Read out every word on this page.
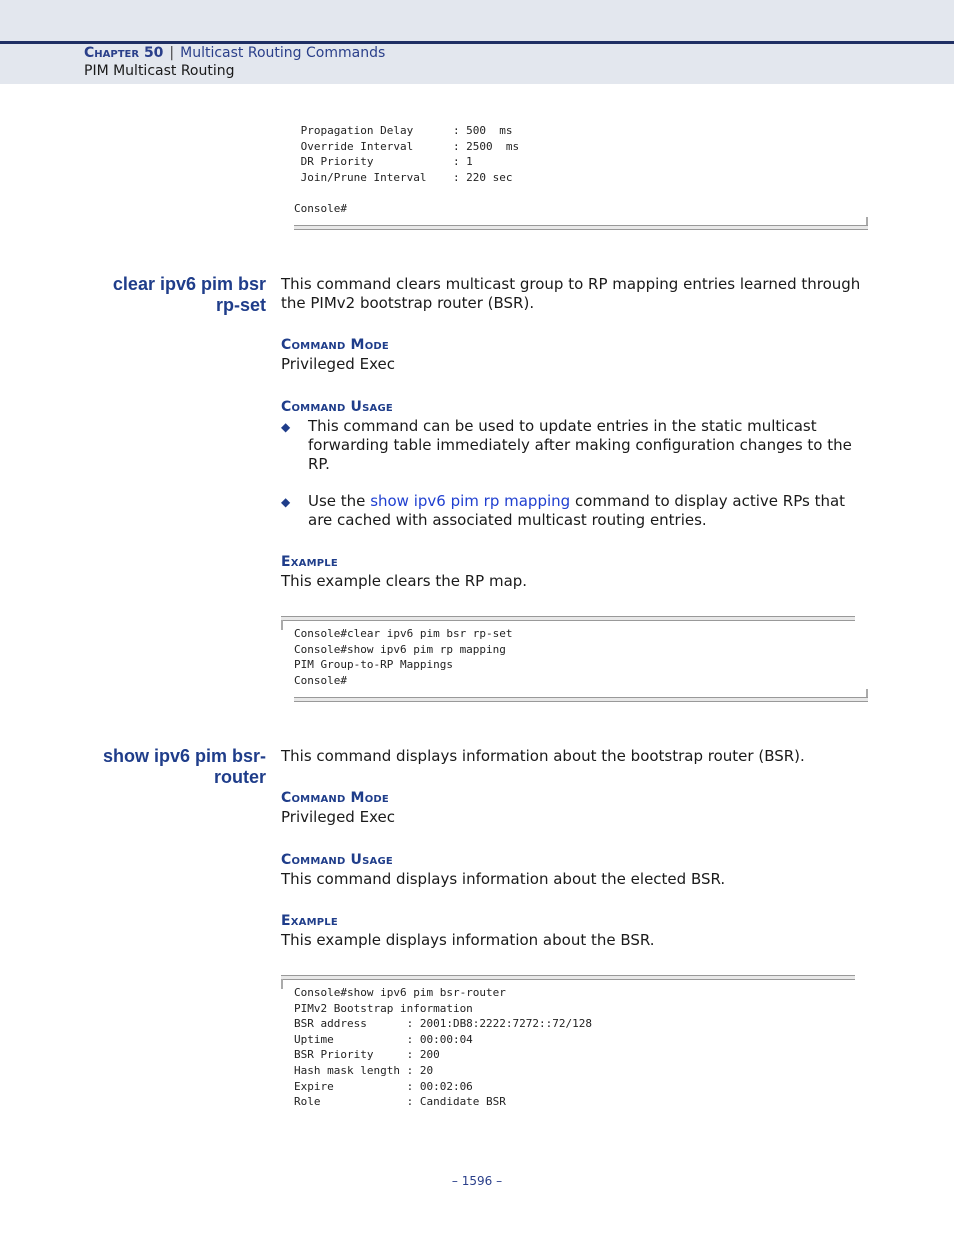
Chapter 50 | Multicast Routing Commands
PIM Multicast Routing
Propagation Delay      : 500  ms
Override Interval      : 2500  ms
DR Priority            : 1
Join/Prune Interval    : 220 sec

Console#
clear ipv6 pim bsr
rp-set
This command clears multicast group to RP mapping entries learned through the PIMv2 bootstrap router (BSR).
Command Mode
Privileged Exec
Command Usage
◆ This command can be used to update entries in the static multicast forwarding table immediately after making configuration changes to the RP.
◆ Use the show ipv6 pim rp mapping command to display active RPs that are cached with associated multicast routing entries.
Example
This example clears the RP map.
Console#clear ipv6 pim bsr rp-set
Console#show ipv6 pim rp mapping
PIM Group-to-RP Mappings
Console#
show ipv6 pim bsr-
router
This command displays information about the bootstrap router (BSR).
Command Mode
Privileged Exec
Command Usage
This command displays information about the elected BSR.
Example
This example displays information about the BSR.
Console#show ipv6 pim bsr-router
PIMv2 Bootstrap information
BSR address      : 2001:DB8:2222:7272::72/128
Uptime           : 00:00:04
BSR Priority     : 200
Hash mask length : 20
Expire           : 00:02:06
Role             : Candidate BSR
– 1596 –
